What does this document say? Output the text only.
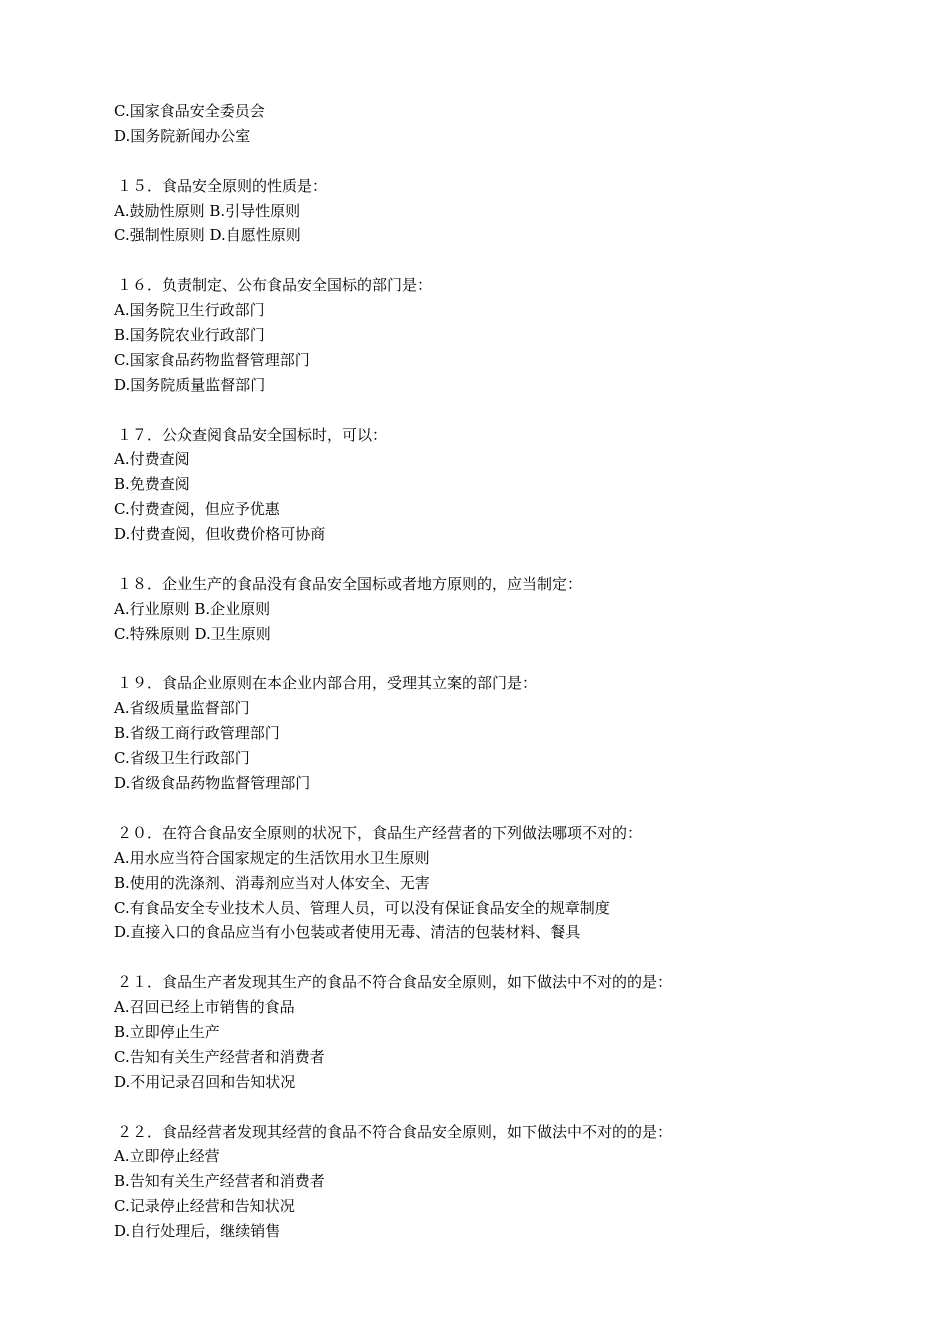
C.国家食品安全委员会
D.国务院新闻办公室
１５．食品安全原则的性质是：
A.鼓励性原则 B.引导性原则
C.强制性原则 D.自愿性原则
１６．负责制定、公布食品安全国标的部门是：
A.国务院卫生行政部门
B.国务院农业行政部门
C.国家食品药物监督管理部门
D.国务院质量监督部门
１７．公众查阅食品安全国标时，可以：
A.付费查阅
B.免费查阅
C.付费查阅，但应予优惠
D.付费查阅，但收费价格可协商
１８．企业生产的食品没有食品安全国标或者地方原则的，应当制定：
A.行业原则 B.企业原则
C.特殊原则 D.卫生原则
１９．食品企业原则在本企业内部合用，受理其立案的部门是：
A.省级质量监督部门
B.省级工商行政管理部门
C.省级卫生行政部门
D.省级食品药物监督管理部门
２０．在符合食品安全原则的状况下，食品生产经营者的下列做法哪项不对的：
A.用水应当符合国家规定的生活饮用水卫生原则
B.使用的洗涤剂、消毒剂应当对人体安全、无害
C.有食品安全专业技术人员、管理人员，可以没有保证食品安全的规章制度
D.直接入口的食品应当有小包装或者使用无毒、清洁的包装材料、餐具
２１．食品生产者发现其生产的食品不符合食品安全原则，如下做法中不对的的是：
A.召回已经上市销售的食品
B.立即停止生产
C.告知有关生产经营者和消费者
D.不用记录召回和告知状况
２２．食品经营者发现其经营的食品不符合食品安全原则，如下做法中不对的的是：
A.立即停止经营
B.告知有关生产经营者和消费者
C.记录停止经营和告知状况
D.自行处理后，继续销售
